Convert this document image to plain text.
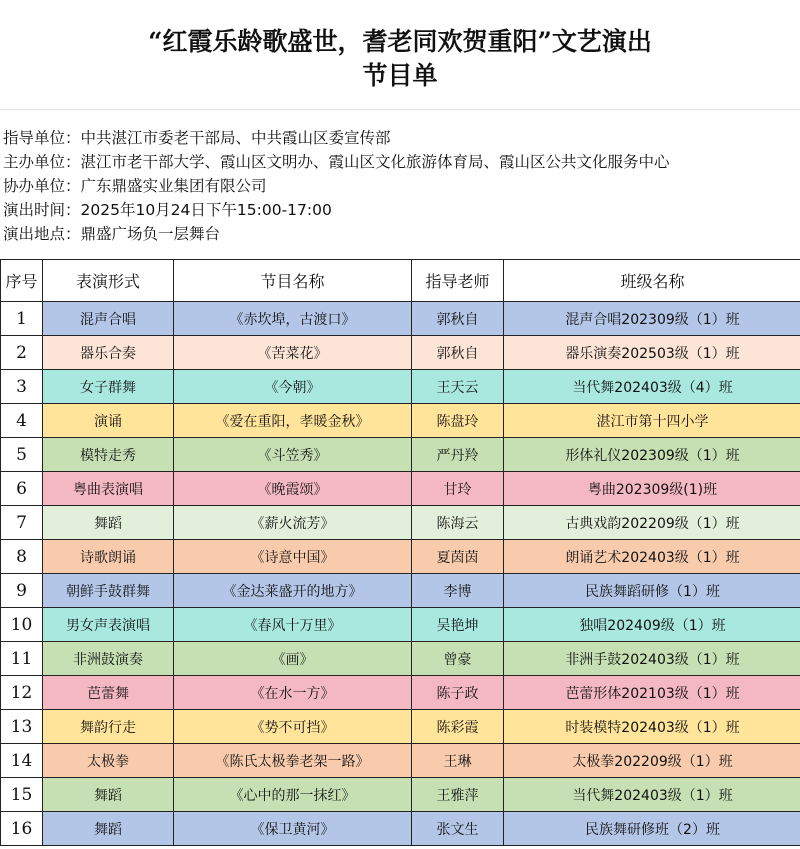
“红霞乐龄歌盛世，耆老同欢贺重阳”文艺演出
节目单
指导单位：中共湛江市委老干部局、中共霞山区委宣传部
主办单位：湛江市老干部大学、霞山区文明办、霞山区文化旅游体育局、霞山区公共文化服务中心
协办单位：广东鼎盛实业集团有限公司
演出时间：2025年10月24日下午15:00-17:00
演出地点：鼎盛广场负一层舞台
序号	表演形式	节目名称	指导老师	班级名称
1	混声合唱	《赤坎埠，古渡口》	郭秋自	混声合唱202309级（1）班
2	器乐合奏	《苦菜花》	郭秋自	器乐演奏202503级（1）班
3	女子群舞	《今朝》	王天云	当代舞202403级（4）班
4	演诵	《爱在重阳，孝暖金秋》	陈盘玲	湛江市第十四小学
5	模特走秀	《斗笠秀》	严丹羚	形体礼仪202309级（1）班
6	粤曲表演唱	《晚霞颂》	甘玲	粤曲202309级(1)班
7	舞蹈	《薪火流芳》	陈海云	古典戏韵202209级（1）班
8	诗歌朗诵	《诗意中国》	夏茵茵	朗诵艺术202403级（1）班
9	朝鲜手鼓群舞	《金达莱盛开的地方》	李博	民族舞蹈研修（1）班
10	男女声表演唱	《春风十万里》	吴艳坤	独唱202409级（1）班
11	非洲鼓演奏	《画》	曾豪	非洲手鼓202403级（1）班
12	芭蕾舞	《在水一方》	陈子政	芭蕾形体202103级（1）班
13	舞韵行走	《势不可挡》	陈彩霞	时装模特202403级（1）班
14	太极拳	《陈氏太极拳老架一路》	王琳	太极拳202209级（1）班
15	舞蹈	《心中的那一抹红》	王雅萍	当代舞202403级（1）班
16	舞蹈	《保卫黄河》	张文生	民族舞研修班（2）班
